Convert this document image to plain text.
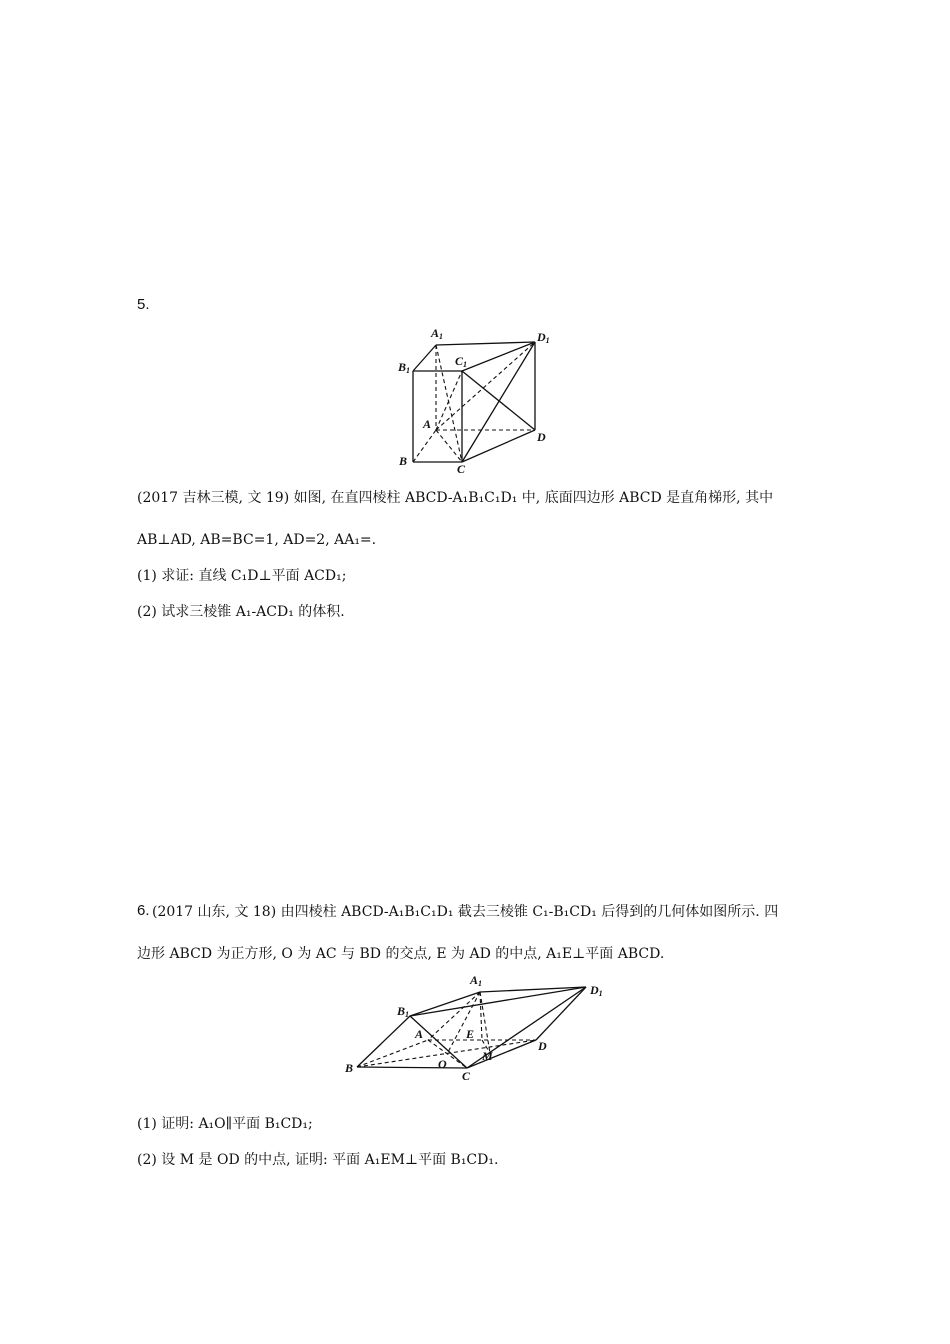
5.
A1	D1
B1
C1
A
D
B
C
(2017 吉林三模, 文 19) 如图, 在直四棱柱 ABCD-A₁B₁C₁D₁ 中, 底面四边形 ABCD 是直角梯形, 其中
AB⊥AD, AB=BC=1, AD=2, AA₁=.
(1) 求证: 直线 C₁D⊥平面 ACD₁;
(2) 试求三棱锥 A₁-ACD₁ 的体积.
6. (2017 山东, 文 18) 由四棱柱 ABCD-A₁B₁C₁D₁ 截去三棱锥 C₁-B₁CD₁ 后得到的几何体如图所示. 四
边形 ABCD 为正方形, O 为 AC 与 BD 的交点, E 为 AD 的中点, A₁E⊥平面 ABCD.
A1	D1
B1
A	E
M
O
D
B
C
(1) 证明: A₁O∥平面 B₁CD₁;
(2) 设 M 是 OD 的中点, 证明: 平面 A₁EM⊥平面 B₁CD₁.
